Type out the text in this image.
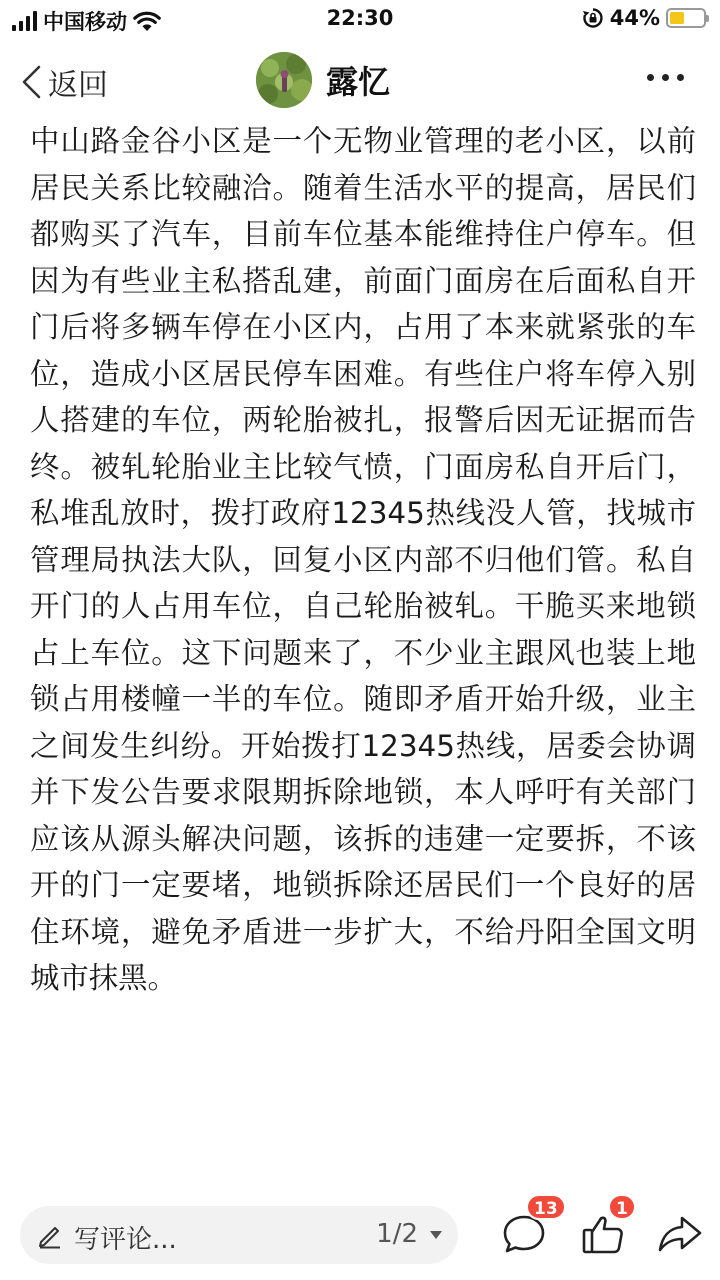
中国移动	22:30	44%
返回	露忆
中山路金谷小区是一个无物业管理的老小区，以前居民关系比较融洽。随着生活水平的提高，居民们都购买了汽车，目前车位基本能维持住户停车。但因为有些业主私搭乱建，前面门面房在后面私自开门后将多辆车停在小区内，占用了本来就紧张的车位，造成小区居民停车困难。有些住户将车停入别人搭建的车位，两轮胎被扎，报警后因无证据而告终。被轧轮胎业主比较气愤，门面房私自开后门，私堆乱放时，拨打政府12345热线没人管，找城市管理局执法大队，回复小区内部不归他们管。私自开门的人占用车位，自己轮胎被轧。干脆买来地锁占上车位。这下问题来了，不少业主跟风也装上地锁占用楼幢一半的车位。随即矛盾开始升级，业主之间发生纠纷。开始拨打12345热线，居委会协调并下发公告要求限期拆除地锁，本人呼吁有关部门应该从源头解决问题，该拆的违建一定要拆，不该开的门一定要堵，地锁拆除还居民们一个良好的居住环境，避免矛盾进一步扩大，不给丹阳全国文明城市抹黑。
写评论...	1/2
13	1
